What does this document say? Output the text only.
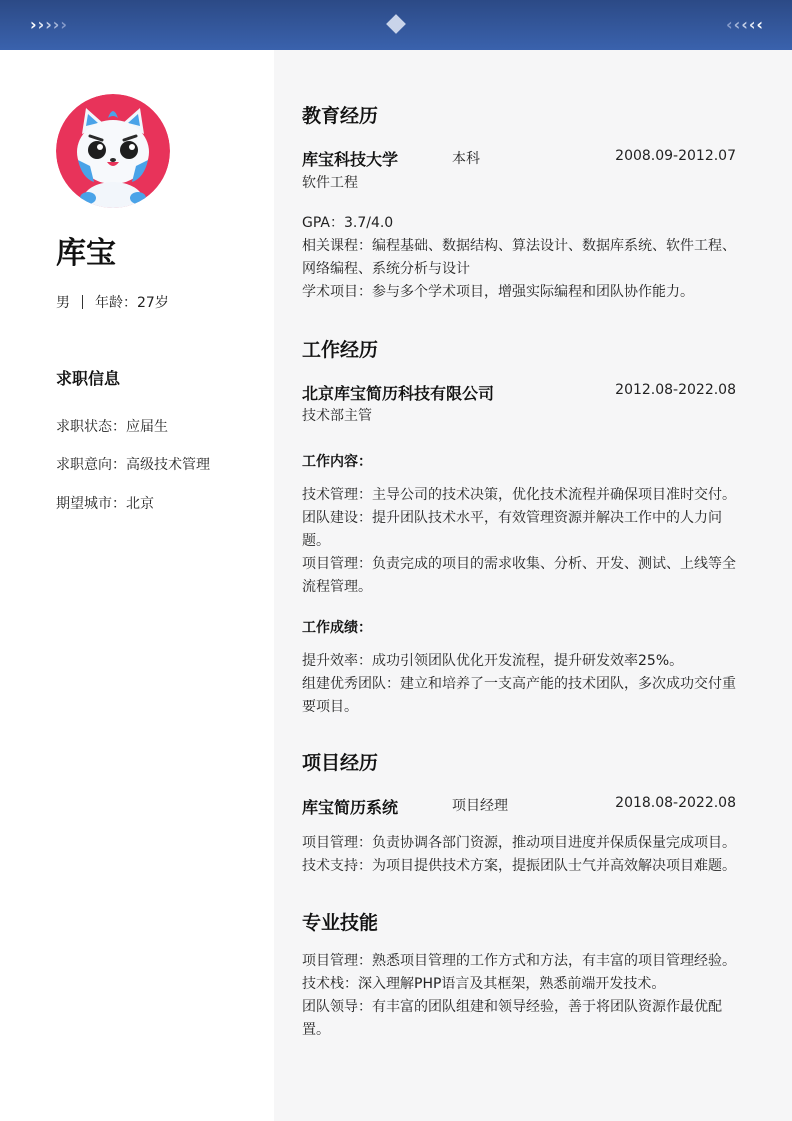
› › › › ›	‹ ‹ ‹ ‹ ‹
库宝
男 年龄：27岁
求职信息
求职状态：应届生
求职意向：高级技术管理
期望城市：北京
教育经历
库宝科技大学	本科	2008.09-2012.07
软件工程
GPA：3.7/4.0
相关课程：编程基础、数据结构、算法设计、数据库系统、软件工程、
网络编程、系统分析与设计
学术项目：参与多个学术项目，增强实际编程和团队协作能力。
工作经历
北京库宝简历科技有限公司	2012.08-2022.08
技术部主管
工作内容：
技术管理：主导公司的技术决策，优化技术流程并确保项目准时交付。
团队建设：提升团队技术水平，有效管理资源并解决工作中的人力问
题。
项目管理：负责完成的项目的需求收集、分析、开发、测试、上线等全
流程管理。
工作成绩：
提升效率：成功引领团队优化开发流程，提升研发效率25%。
组建优秀团队：建立和培养了一支高产能的技术团队，多次成功交付重
要项目。
项目经历
库宝简历系统	项目经理	2018.08-2022.08
项目管理：负责协调各部门资源，推动项目进度并保质保量完成项目。
技术支持：为项目提供技术方案，提振团队士气并高效解决项目难题。
专业技能
项目管理：熟悉项目管理的工作方式和方法，有丰富的项目管理经验。
技术栈：深入理解PHP语言及其框架，熟悉前端开发技术。
团队领导：有丰富的团队组建和领导经验，善于将团队资源作最优配
置。
